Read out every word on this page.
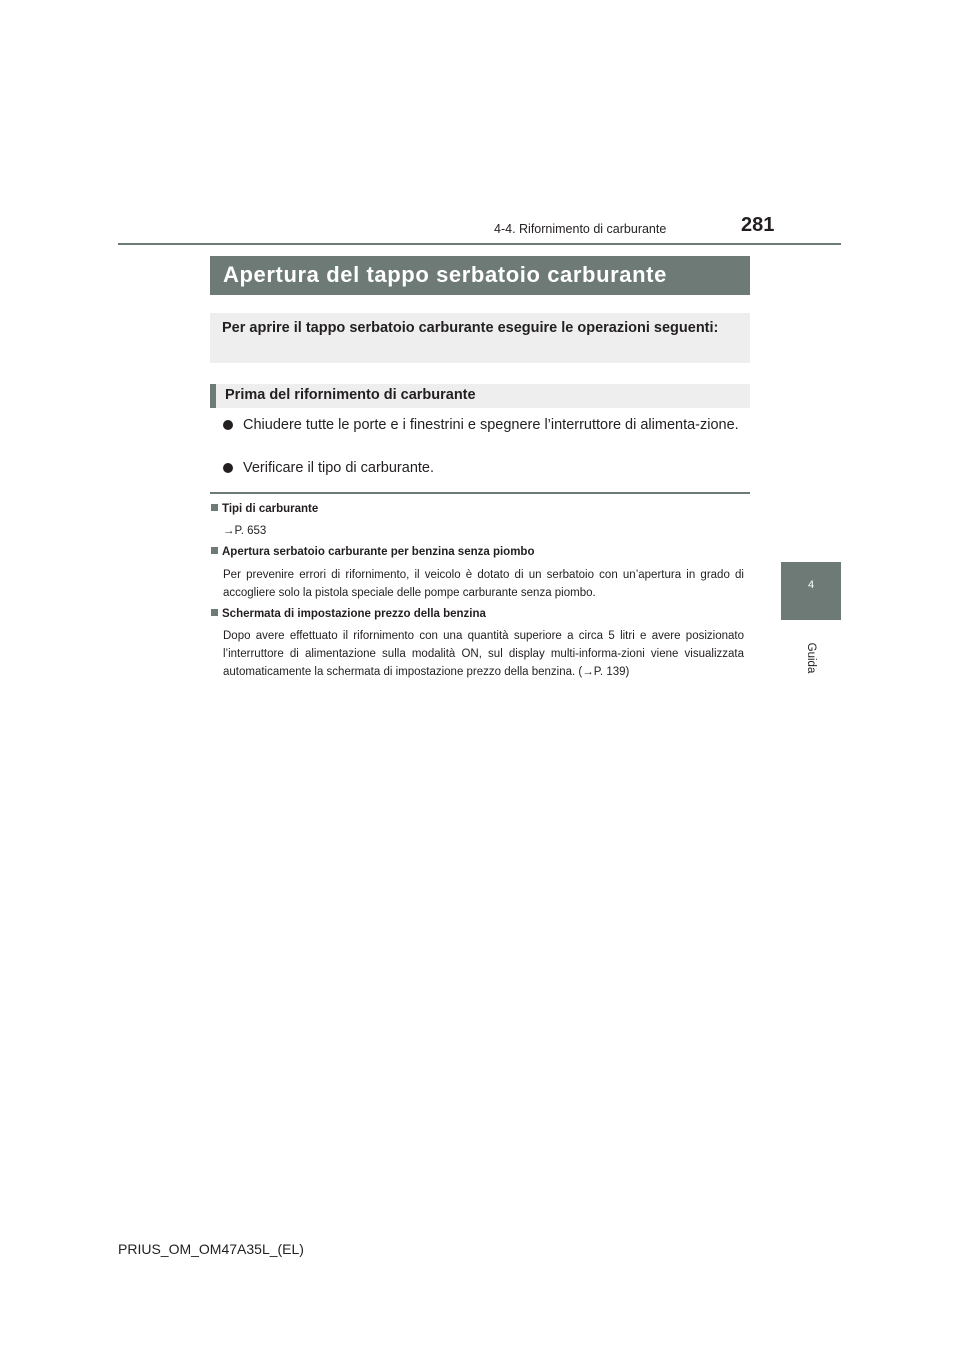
4-4. Rifornimento di carburante	281
4
Guida
Apertura del tappo serbatoio carburante

Per aprire il tappo serbatoio carburante eseguire le operazioni seguenti:

Prima del rifornimento di carburante
Chiudere tutte le porte e i finestrini e spegnere l’interruttore di alimenta-zione.
Verificare il tipo di carburante.
Tipi di carburante
→P. 653
Apertura serbatoio carburante per benzina senza piombo
Per prevenire errori di rifornimento, il veicolo è dotato di un serbatoio con un’apertura in grado di accogliere solo la pistola speciale delle pompe carburante senza piombo.
Schermata di impostazione prezzo della benzina
Dopo avere effettuato il rifornimento con una quantità superiore a circa 5 litri e avere posizionato l’interruttore di alimentazione sulla modalità ON, sul display multi-informa-zioni viene visualizzata automaticamente la schermata di impostazione prezzo della benzina. (→P. 139)
PRIUS_OM_OM47A35L_(EL)
